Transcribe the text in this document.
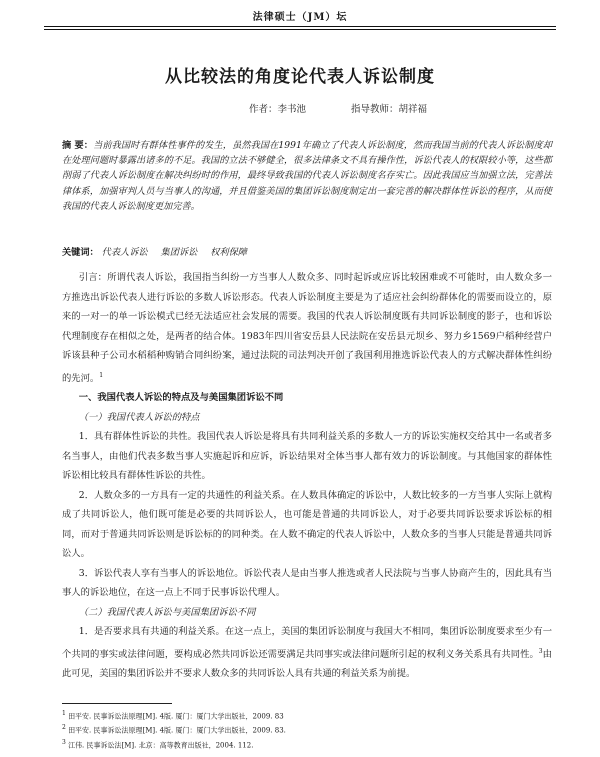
法律硕士（JM）坛
从比较法的角度论代表人诉讼制度
作者：李书池	指导教师：胡祥福
摘 要：当前我国时有群体性事件的发生，虽然我国在1991年确立了代表人诉讼制度，然而我国当前的代表人诉讼制度却在处理问题时暴露出诸多的不足。我国的立法不够健全，很多法律条文不具有操作性，诉讼代表人的权限较小等，这些都削弱了代表人诉讼制度在解决纠纷时的作用，最终导致我国的代表人诉讼制度名存实亡。因此我国应当加强立法，完善法律体系，加强审判人员与当事人的沟通，并且借鉴美国的集团诉讼制度制定出一套完善的解决群体性诉讼的程序，从而使我国的代表人诉讼制度更加完善。
关键词： 代表人诉讼 集团诉讼 权利保障

引言：所谓代表人诉讼，我国指当纠纷一方当事人人数众多、同时起诉或应诉比较困难或不可能时，由人数众多一方推选出诉讼代表人进行诉讼的多数人诉讼形态。代表人诉讼制度主要是为了适应社会纠纷群体化的需要而设立的，原来的一对一的单一诉讼模式已经无法适应社会发展的需要。我国的代表人诉讼制度既有共同诉讼制度的影子，也和诉讼代理制度存在相似之处，是两者的结合体。1983年四川省安岳县人民法院在安岳县元坝乡、努力乡1569户稻种经营户诉该县种子公司水稻稻种购销合同纠纷案，通过法院的司法判决开创了我国利用推选诉讼代表人的方式解决群体性纠纷的先河。$^1$

一、我国代表人诉讼的特点及与美国集团诉讼不同

（一）我国代表人诉讼的特点

1．具有群体性诉讼的共性。我国代表人诉讼是将具有共同利益关系的多数人一方的诉讼实施权交给其中一名或者多名当事人，由他们代表多数当事人实施起诉和应诉，诉讼结果对全体当事人都有效力的诉讼制度。与其他国家的群体性诉讼相比较具有群体性诉讼的共性。

2．人数众多的一方具有一定的共通性的利益关系。在人数具体确定的诉讼中，人数比较多的一方当事人实际上就构成了共同诉讼人，他们既可能是必要的共同诉讼人，也可能是普通的共同诉讼人，对于必要共同诉讼要求诉讼标的相同，而对于普通共同诉讼则是诉讼标的的同种类。在人数不确定的代表人诉讼中，人数众多的当事人只能是普通共同诉讼人。

3．诉讼代表人享有当事人的诉讼地位。诉讼代表人是由当事人推选或者人民法院与当事人协商产生的，因此具有当事人的诉讼地位，在这一点上不同于民事诉讼代理人。

（二）我国代表人诉讼与美国集团诉讼不同

1．是否要求具有共通的利益关系。在这一点上，美国的集团诉讼制度与我国大不相同，集团诉讼制度要求至少有一个共同的事实或法律问题，要构成必然共同诉讼还需要满足共同事实或法律问题所引起的权利义务关系具有共同性。$^3$由此可见，美国的集团诉讼并不要求人数众多的共同诉讼人具有共通的利益关系为前提。

$^1$ 田平安. 民事诉讼法原理[M]. 4版. 厦门：厦门大学出版社，2009. 83
$^2$ 田平安. 民事诉讼法原理[M]. 4版. 厦门：厦门大学出版社，2009. 83.
$^3$ 江伟. 民事诉讼法[M]. 北京：高等教育出版社，2004. 112.
